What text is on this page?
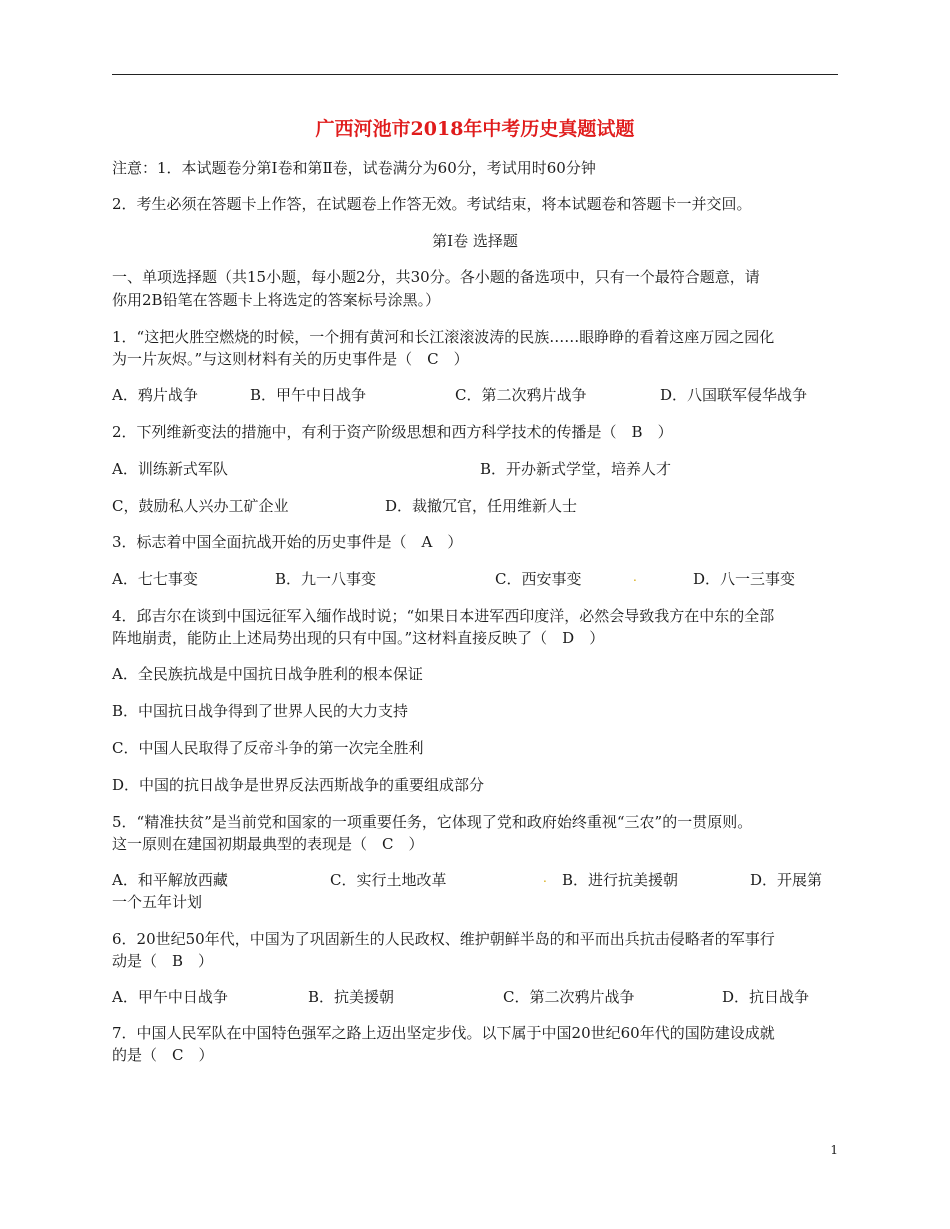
广西河池市2018年中考历史真题试题
注意：1．本试题卷分第Ⅰ卷和第Ⅱ卷，试卷满分为60分，考试用时60分钟
2．考生必须在答题卡上作答，在试题卷上作答无效。考试结束，将本试题卷和答题卡一并交回。
第Ⅰ卷 选择题
一、单项选择题（共15小题，每小题2分，共30分。各小题的备选项中，只有一个最符合题意，请
你用2B铅笔在答题卡上将选定的答案标号涂黑。）
1．“这把火胜空燃烧的时候，一个拥有黄河和长江滚滚波涛的民族……眼睁睁的看着这座万园之园化
为一片灰烬。”与这则材料有关的历史事件是（　C　）
A．鸦片战争	B．甲午中日战争	C．第二次鸦片战争	D．八国联军侵华战争
2．下列维新变法的措施中，有利于资产阶级思想和西方科学技术的传播是（　B　）
A．训练新式军队	B．开办新式学堂，培养人才
C，鼓励私人兴办工矿企业	D．裁撤冗官，任用维新人士
3．标志着中国全面抗战开始的历史事件是（　A　）
A．七七事变	B．九一八事变	C．西安事变	.	D．八一三事变
4．邱吉尔在谈到中国远征军入缅作战时说；“如果日本进军西印度洋，必然会导致我方在中东的全部
阵地崩责，能防止上述局势出现的只有中国。”这材料直接反映了（　D　）
A．全民族抗战是中国抗日战争胜利的根本保证
B．中国抗日战争得到了世界人民的大力支持
C．中国人民取得了反帝斗争的第一次完全胜利
D．中国的抗日战争是世界反法西斯战争的重要组成部分
5．“精准扶贫”是当前党和国家的一项重要任务，它体现了党和政府始终重视“三农”的一贯原则。
这一原则在建国初期最典型的表现是（　C　）
A．和平解放西藏	C．实行土地改革	. B．进行抗美援朝	D．开展第
一个五年计划
6．20世纪50年代，中国为了巩固新生的人民政权、维护朝鲜半岛的和平而出兵抗击侵略者的军事行
动是（　B　）
A．甲午中日战争	B．抗美援朝	C．第二次鸦片战争	D．抗日战争
7．中国人民军队在中国特色强军之路上迈出坚定步伐。以下属于中国20世纪60年代的国防建设成就
的是（　C　）
1
